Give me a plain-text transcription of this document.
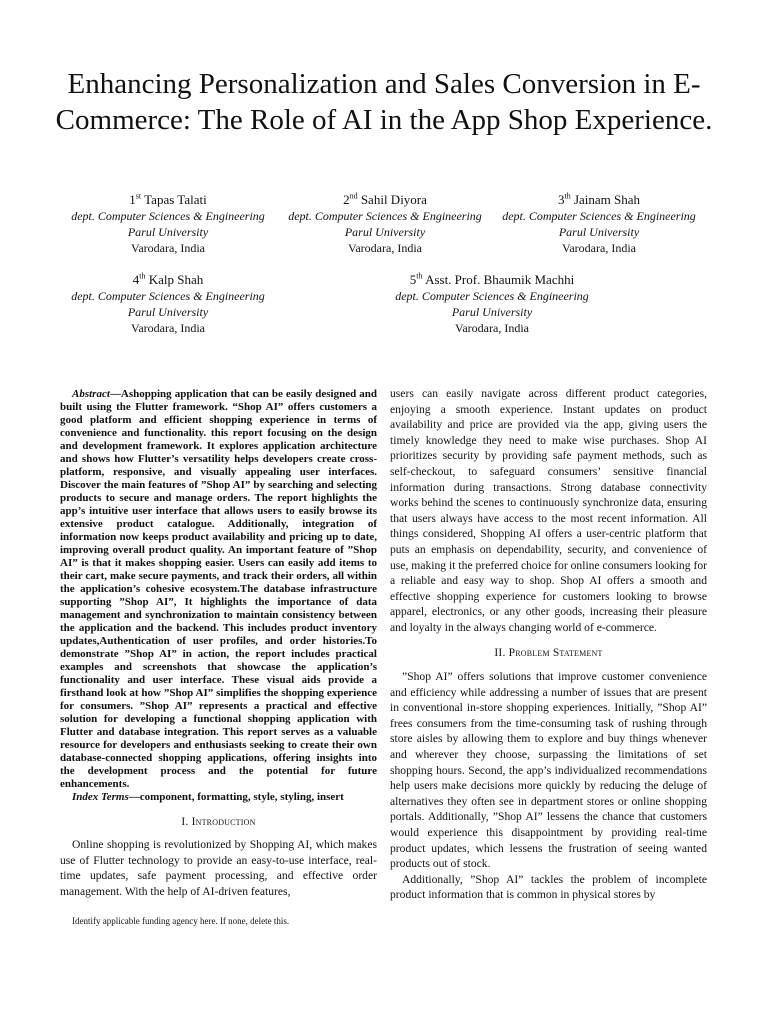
Enhancing Personalization and Sales Conversion in E-Commerce: The Role of AI in the App Shop Experience.
1st Tapas Talati
dept. Computer Sciences & Engineering
Parul University
Varodara, India
2nd Sahil Diyora
dept. Computer Sciences & Engineering
Parul University
Varodara, India
3th Jainam Shah
dept. Computer Sciences & Engineering
Parul University
Varodara, India
4th Kalp Shah
dept. Computer Sciences & Engineering
Parul University
Varodara, India
5th Asst. Prof. Bhaumik Machhi
dept. Computer Sciences & Engineering
Parul University
Varodara, India

Abstract—Ashopping application that can be easily designed and built using the Flutter framework. “Shop AI” offers customers a good platform and efficient shopping experience in terms of convenience and functionality. this report focusing on the design and development framework. It explores application architecture and shows how Flutter’s versatility helps developers create cross-platform, responsive, and visually appealing user interfaces. Discover the main features of ”Shop AI” by searching and selecting products to secure and manage orders. The report highlights the app’s intuitive user interface that allows users to easily browse its extensive product catalogue. Additionally, integration of information now keeps product availability and pricing up to date, improving overall product quality. An important feature of ”Shop AI” is that it makes shopping easier. Users can easily add items to their cart, make secure payments, and track their orders, all within the application’s cohesive ecosystem.The database infrastructure supporting ”Shop AI”, It highlights the importance of data management and synchronization to maintain consistency between the application and the backend. This includes product inventory updates,Authentication of user profiles, and order histories.To demonstrate ”Shop AI” in action, the report includes practical examples and screenshots that showcase the application’s functionality and user interface. These visual aids provide a firsthand look at how ”Shop AI” simplifies the shopping experience for consumers. ”Shop AI” represents a practical and effective solution for developing a functional shopping application with Flutter and database integration. This report serves as a valuable resource for developers and enthusiasts seeking to create their own database-connected shopping applications, offering insights into the development process and the potential for future enhancements.

Index Terms—component, formatting, style, styling, insert

I. Introduction

Online shopping is revolutionized by Shopping AI, which makes use of Flutter technology to provide an easy-to-use interface, real-time updates, safe payment processing, and effective order management. With the help of AI-driven features,

Identify applicable funding agency here. If none, delete this.

users can easily navigate across different product categories, enjoying a smooth experience. Instant updates on product availability and price are provided via the app, giving users the timely knowledge they need to make wise purchases. Shop AI prioritizes security by providing safe payment methods, such as self-checkout, to safeguard consumers’ sensitive financial information during transactions. Strong database connectivity works behind the scenes to continuously synchronize data, ensuring that users always have access to the most recent information. All things considered, Shopping AI offers a user-centric platform that puts an emphasis on dependability, security, and convenience of use, making it the preferred choice for online consumers looking for a reliable and easy way to shop. Shop AI offers a smooth and effective shopping experience for customers looking to browse apparel, electronics, or any other goods, increasing their pleasure and loyalty in the always changing world of e-commerce.

II. Problem Statement

”Shop AI” offers solutions that improve customer convenience and efficiency while addressing a number of issues that are present in conventional in-store shopping experiences. Initially, ”Shop AI” frees consumers from the time-consuming task of rushing through store aisles by allowing them to explore and buy things whenever and wherever they choose, surpassing the limitations of set shopping hours. Second, the app’s individualized recommendations help users make decisions more quickly by reducing the deluge of alternatives they often see in department stores or online shopping portals. Additionally, ”Shop AI” lessens the chance that customers would experience this disappointment by providing real-time product updates, which lessens the frustration of seeing wanted products out of stock.

Additionally, ”Shop AI” tackles the problem of incomplete product information that is common in physical stores by
